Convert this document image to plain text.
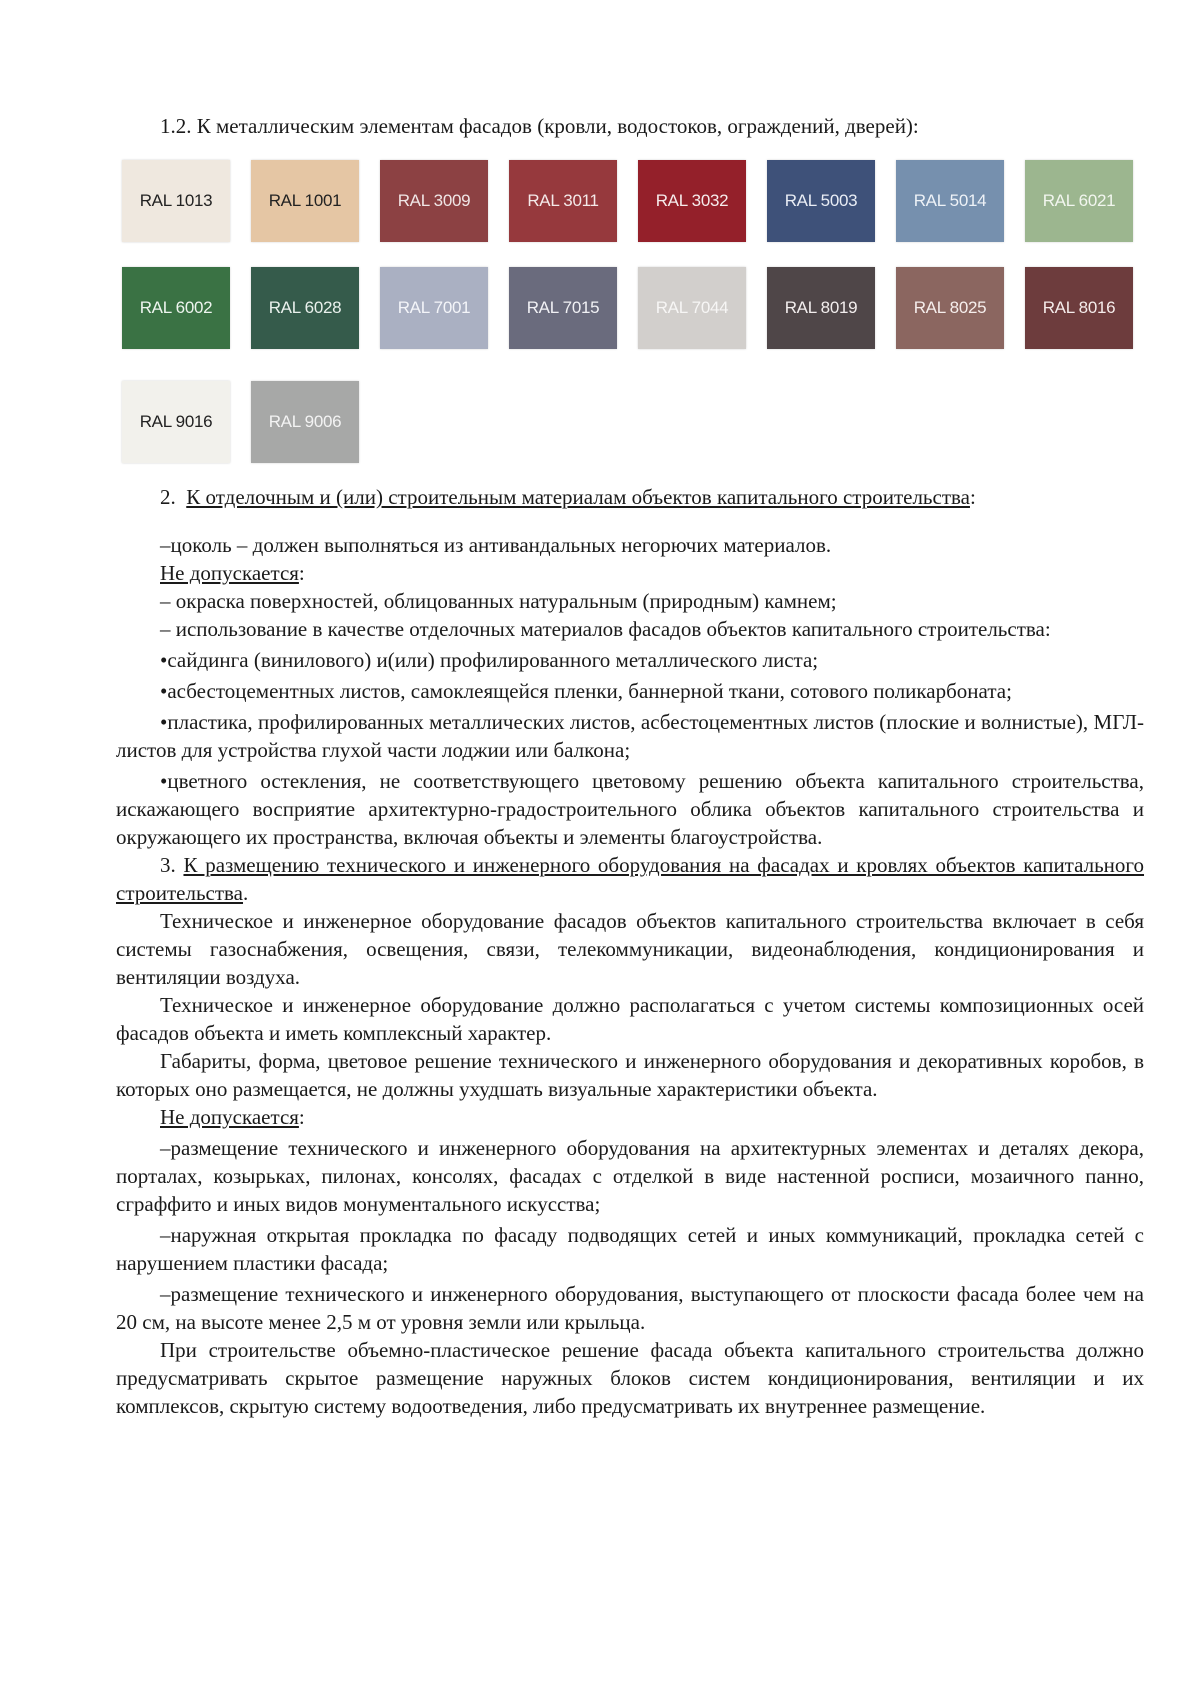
1.2. К металлическим элементам фасадов (кровли, водостоков, ограждений, дверей):

RAL 1013	RAL 1001	RAL 3009	RAL 3011	RAL 3032	RAL 5003	RAL 5014	RAL 6021
RAL 6002	RAL 6028	RAL 7001	RAL 7015	RAL 7044	RAL 8019	RAL 8025	RAL 8016
RAL 9016	RAL 9006

2. К отделочным и (или) строительным материалам объектов капитального строительства:

–цоколь – должен выполняться из антивандальных негорючих материалов.

Не допускается:

– окраска поверхностей, облицованных натуральным (природным) камнем;

– использование в качестве отделочных материалов фасадов объектов капитального строительства:

• сайдинга (винилового) и(или) профилированного металлического листа;

• асбестоцементных листов, самоклеящейся пленки, баннерной ткани, сотового поликарбоната;

• пластика, профилированных металлических листов, асбестоцементных листов (плоские и волнистые), МГЛ-листов для устройства глухой части лоджии или балкона;

• цветного остекления, не соответствующего цветовому решению объекта капитального строительства, искажающего восприятие архитектурно-градостроительного облика объектов капитального строительства и окружающего их пространства, включая объекты и элементы благоустройства.

3. К размещению технического и инженерного оборудования на фасадах и кровлях объектов капитального строительства.

Техническое и инженерное оборудование фасадов объектов капитального строительства включает в себя системы газоснабжения, освещения, связи, телекоммуникации, видеонаблюдения, кондиционирования и вентиляции воздуха.

Техническое и инженерное оборудование должно располагаться с учетом системы композиционных осей фасадов объекта и иметь комплексный характер.

Габариты, форма, цветовое решение технического и инженерного оборудования и декоративных коробов, в которых оно размещается, не должны ухудшать визуальные характеристики объекта.

Не допускается:

–размещение технического и инженерного оборудования на архитектурных элементах и деталях декора, порталах, козырьках, пилонах, консолях, фасадах с отделкой в виде настенной росписи, мозаичного панно, сграффито и иных видов монументального искусства;

–наружная открытая прокладка по фасаду подводящих сетей и иных коммуникаций, прокладка сетей с нарушением пластики фасада;

–размещение технического и инженерного оборудования, выступающего от плоскости фасада более чем на 20 см, на высоте менее 2,5 м от уровня земли или крыльца.

При строительстве объемно-пластическое решение фасада объекта капитального строительства должно предусматривать скрытое размещение наружных блоков систем кондиционирования, вентиляции и их комплексов, скрытую систему водоотведения, либо предусматривать их внутреннее размещение.
